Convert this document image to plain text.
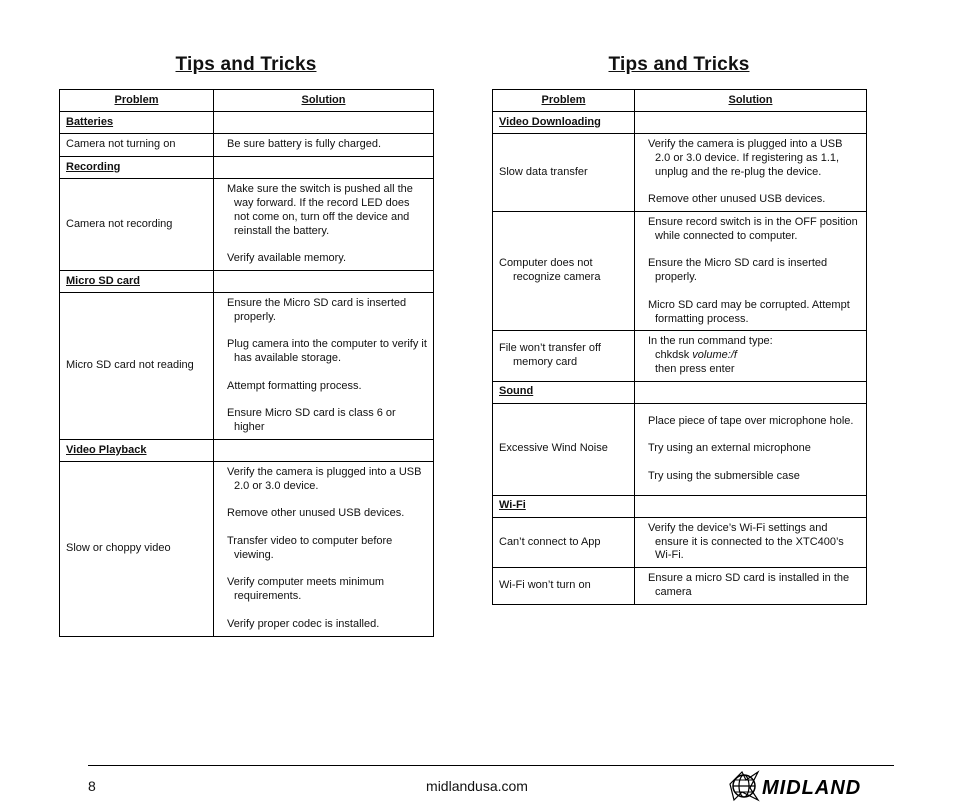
Tips and Tricks
Problem	Solution
Batteries	

Camera not turning on	Be sure battery is fully charged.

Recording	

Camera not recording	Make sure the switch is pushed all the way forward. If the record LED does not come on, turn off the device and reinstall the battery.

Verify available memory.

Micro SD card	

Micro SD card not reading	Ensure the Micro SD card is inserted properly.

Plug camera into the computer to verify it has available storage.

Attempt formatting process.

Ensure Micro SD card is class 6 or higher

Video Playback	

Slow or choppy video	Verify the camera is plugged into a USB 2.0 or 3.0 device.

Remove other unused USB devices.

Transfer video to computer before viewing.

Verify computer meets minimum requirements.

Verify proper codec is installed.

Tips and Tricks
Problem	Solution
Video Downloading	

Slow data transfer	Verify the camera is plugged into a USB 2.0 or 3.0 device. If registering as 1.1, unplug and the re-plug the device.

Remove other unused USB devices.

Computer does not recognize camera	Ensure record switch is in the OFF position while connected to computer.

Ensure the Micro SD card is inserted properly.

Micro SD card may be corrupted. Attempt formatting process.

File won’t transfer off memory card	In the run command type:
chkdsk volume:/f
then press enter

Sound	

Excessive Wind Noise	Place piece of tape over microphone hole.

Try using an external microphone

Try using the submersible case

Wi-Fi	

Can’t connect to App	Verify the device’s Wi-Fi settings and ensure it is connected to the XTC400’s Wi-Fi.

Wi-Fi won’t turn on	Ensure a micro SD card is installed in the camera

8	midlandusa.com	MIDLAND
